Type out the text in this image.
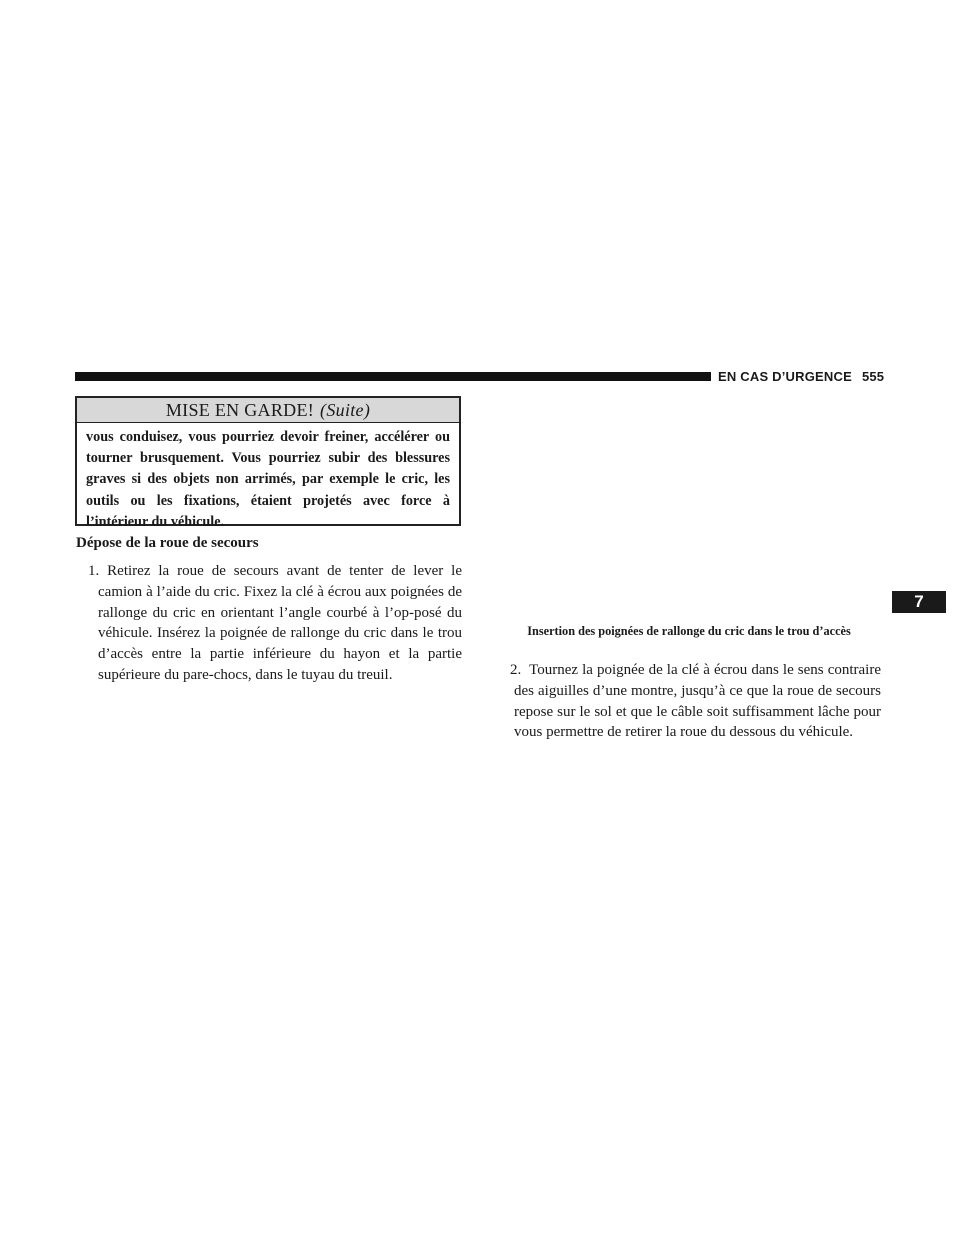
EN CAS D’URGENCE 555
MISE EN GARDE! (Suite)
vous conduisez, vous pourriez devoir freiner, accélérer ou tourner brusquement. Vous pourriez subir des blessures graves si des objets non arrimés, par exemple le cric, les outils ou les fixations, étaient projetés avec force à l’intérieur du véhicule.
Dépose de la roue de secours
1. Retirez la roue de secours avant de tenter de lever le camion à l’aide du cric. Fixez la clé à écrou aux poignées de rallonge du cric en orientant l’angle courbé à l’op-posé du véhicule. Insérez la poignée de rallonge du cric dans le trou d’accès entre la partie inférieure du hayon et la partie supérieure du pare-chocs, dans le tuyau du treuil.
Insertion des poignées de rallonge du cric dans le trou d’accès
2. Tournez la poignée de la clé à écrou dans le sens contraire des aiguilles d’une montre, jusqu’à ce que la roue de secours repose sur le sol et que le câble soit suffisamment lâche pour vous permettre de retirer la roue du dessous du véhicule.
7
